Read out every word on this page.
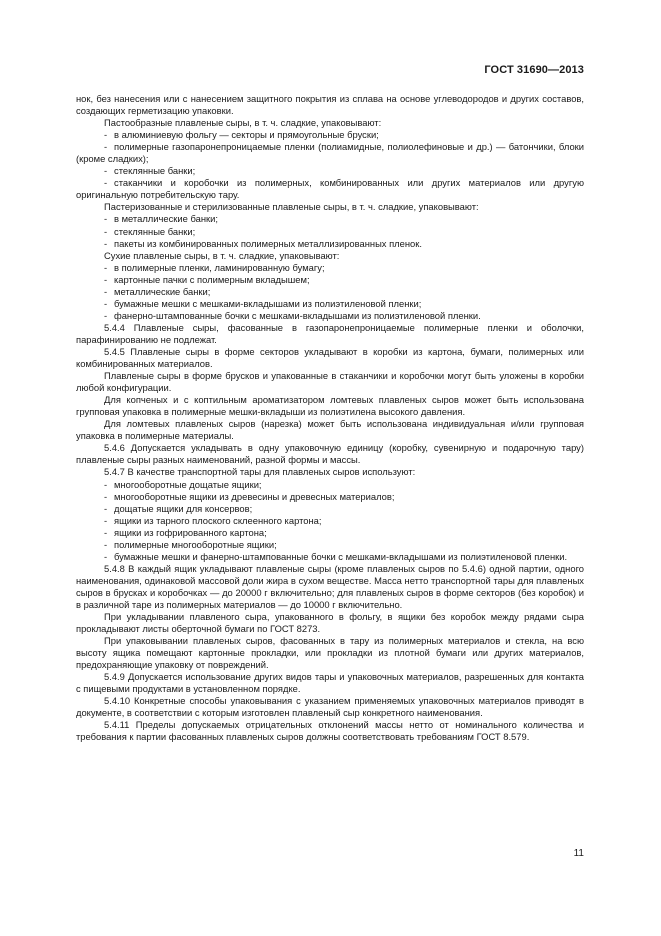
ГОСТ 31690—2013

нок, без нанесения или с нанесением защитного покрытия из сплава на основе углеводородов и других составов, создающих герметизацию упаковки.

Пастообразные плавленые сыры, в т. ч. сладкие, упаковывают:

- в алюминиевую фольгу — секторы и прямоугольные бруски;

- полимерные газопаронепроницаемые пленки (полиамидные, полиолефиновые и др.) — батончики, блоки (кроме сладких);

- стеклянные банки;

- стаканчики и коробочки из полимерных, комбинированных или других материалов или другую оригинальную потребительскую тару.

Пастеризованные и стерилизованные плавленые сыры, в т. ч. сладкие, упаковывают:

- в металлические банки;

- стеклянные банки;

- пакеты из комбинированных полимерных металлизированных пленок.

Сухие плавленые сыры, в т. ч. сладкие, упаковывают:

- в полимерные пленки, ламинированную бумагу;

- картонные пачки с полимерным вкладышем;

- металлические банки;

- бумажные мешки с мешками-вкладышами из полиэтиленовой пленки;

- фанерно-штампованные бочки с мешками-вкладышами из полиэтиленовой пленки.

5.4.4 Плавленые сыры, фасованные в газопаронепроницаемые полимерные пленки и оболочки, парафинированию не подлежат.

5.4.5 Плавленые сыры в форме секторов укладывают в коробки из картона, бумаги, полимерных или комбинированных материалов.

Плавленые сыры в форме брусков и упакованные в стаканчики и коробочки могут быть уложены в коробки любой конфигурации.

Для копченых и с коптильным ароматизатором ломтевых плавленых сыров может быть использована групповая упаковка в полимерные мешки-вкладыши из полиэтилена высокого давления.

Для ломтевых плавленых сыров (нарезка) может быть использована индивидуальная и/или групповая упаковка в полимерные материалы.

5.4.6 Допускается укладывать в одну упаковочную единицу (коробку, сувенирную и подарочную тару) плавленые сыры разных наименований, разной формы и массы.

5.4.7 В качестве транспортной тары для плавленых сыров используют:

- многооборотные дощатые ящики;

- многооборотные ящики из древесины и древесных материалов;

- дощатые ящики для консервов;

- ящики из тарного плоского склеенного картона;

- ящики из гофрированного картона;

- полимерные многооборотные ящики;

- бумажные мешки и фанерно-штампованные бочки с мешками-вкладышами из полиэтиленовой пленки.

5.4.8 В каждый ящик укладывают плавленые сыры (кроме плавленых сыров по 5.4.6) одной партии, одного наименования, одинаковой массовой доли жира в сухом веществе. Масса нетто транспортной тары для плавленых сыров в брусках и коробочках — до 20000 г включительно; для плавленых сыров в форме секторов (без коробок) и в различной таре из полимерных материалов — до 10000 г включительно.

При укладывании плавленого сыра, упакованного в фольгу, в ящики без коробок между рядами сыра прокладывают листы оберточной бумаги по ГОСТ 8273.

При упаковывании плавленых сыров, фасованных в тару из полимерных материалов и стекла, на всю высоту ящика помещают картонные прокладки, или прокладки из плотной бумаги или других материалов, предохраняющие упаковку от повреждений.

5.4.9 Допускается использование других видов тары и упаковочных материалов, разрешенных для контакта с пищевыми продуктами в установленном порядке.

5.4.10 Конкретные способы упаковывания с указанием применяемых упаковочных материалов приводят в документе, в соответствии с которым изготовлен плавленый сыр конкретного наименования.

5.4.11 Пределы допускаемых отрицательных отклонений массы нетто от номинального количества и требования к партии фасованных плавленых сыров должны соответствовать требованиям ГОСТ 8.579.

11
